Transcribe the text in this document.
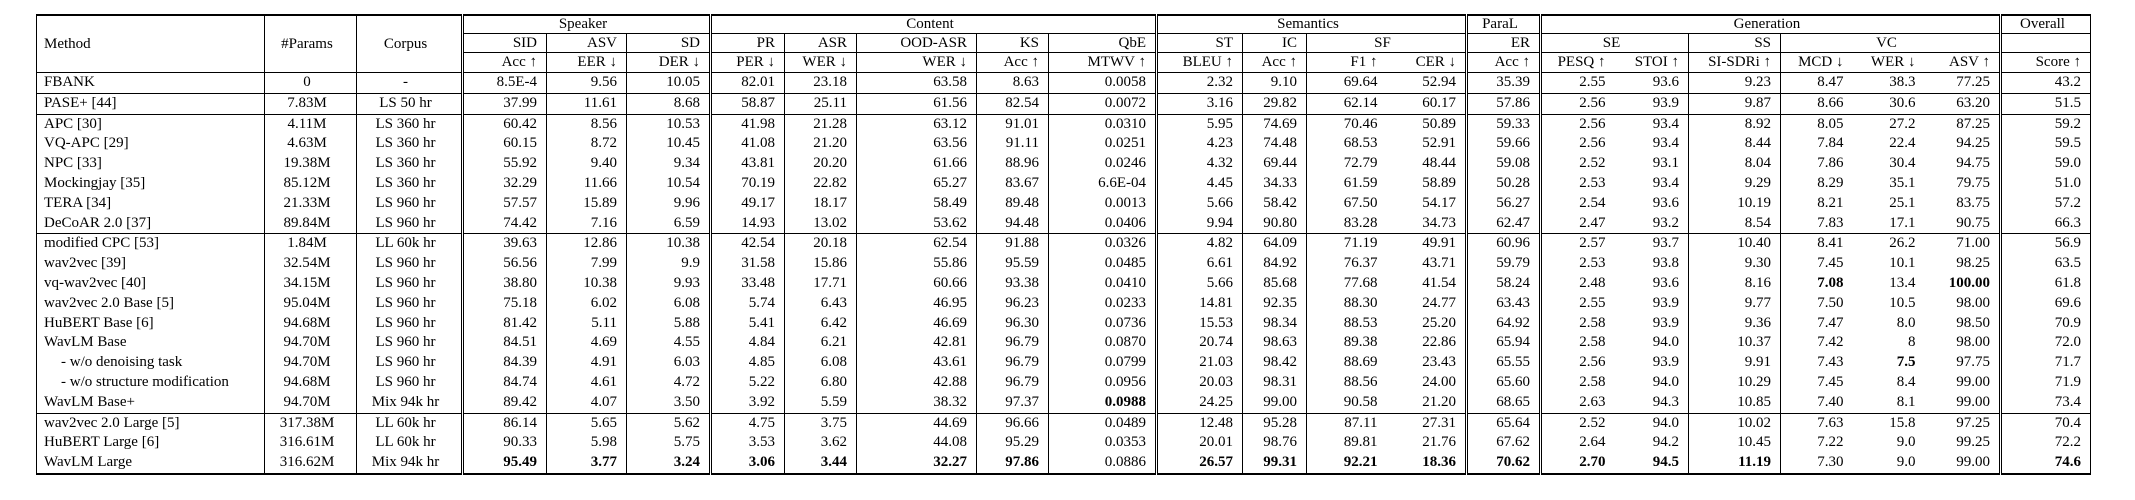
Method	#Params	Corpus	Speaker			Content					Semantics				ParaL	Generation						Overall
			SID	ASV	SD	PR	ASR	OOD-ASR	KS	QbE	ST	IC	SF		ER	SE		SS	VC			
			Acc ↑	EER ↓	DER ↓	PER ↓	WER ↓	WER ↓	Acc ↑	MTWV ↑	BLEU ↑	Acc ↑	F1 ↑	CER ↓	Acc ↑	PESQ ↑	STOI ↑	SI-SDRi ↑	MCD ↓	WER ↓	ASV ↑	Score ↑
FBANK	0	-	8.5E-4	9.56	10.05	82.01	23.18	63.58	8.63	0.0058	2.32	9.10	69.64	52.94	35.39	2.55	93.6	9.23	8.47	38.3	77.25	43.2
PASE+ [44]	7.83M	LS 50 hr	37.99	11.61	8.68	58.87	25.11	61.56	82.54	0.0072	3.16	29.82	62.14	60.17	57.86	2.56	93.9	9.87	8.66	30.6	63.20	51.5
APC [30]	4.11M	LS 360 hr	60.42	8.56	10.53	41.98	21.28	63.12	91.01	0.0310	5.95	74.69	70.46	50.89	59.33	2.56	93.4	8.92	8.05	27.2	87.25	59.2
VQ-APC [29]	4.63M	LS 360 hr	60.15	8.72	10.45	41.08	21.20	63.56	91.11	0.0251	4.23	74.48	68.53	52.91	59.66	2.56	93.4	8.44	7.84	22.4	94.25	59.5
NPC [33]	19.38M	LS 360 hr	55.92	9.40	9.34	43.81	20.20	61.66	88.96	0.0246	4.32	69.44	72.79	48.44	59.08	2.52	93.1	8.04	7.86	30.4	94.75	59.0
Mockingjay [35]	85.12M	LS 360 hr	32.29	11.66	10.54	70.19	22.82	65.27	83.67	6.6E-04	4.45	34.33	61.59	58.89	50.28	2.53	93.4	9.29	8.29	35.1	79.75	51.0
TERA [34]	21.33M	LS 960 hr	57.57	15.89	9.96	49.17	18.17	58.49	89.48	0.0013	5.66	58.42	67.50	54.17	56.27	2.54	93.6	10.19	8.21	25.1	83.75	57.2
DeCoAR 2.0 [37]	89.84M	LS 960 hr	74.42	7.16	6.59	14.93	13.02	53.62	94.48	0.0406	9.94	90.80	83.28	34.73	62.47	2.47	93.2	8.54	7.83	17.1	90.75	66.3
modified CPC [53]	1.84M	LL 60k hr	39.63	12.86	10.38	42.54	20.18	62.54	91.88	0.0326	4.82	64.09	71.19	49.91	60.96	2.57	93.7	10.40	8.41	26.2	71.00	56.9
wav2vec [39]	32.54M	LS 960 hr	56.56	7.99	9.9	31.58	15.86	55.86	95.59	0.0485	6.61	84.92	76.37	43.71	59.79	2.53	93.8	9.30	7.45	10.1	98.25	63.5
vq-wav2vec [40]	34.15M	LS 960 hr	38.80	10.38	9.93	33.48	17.71	60.66	93.38	0.0410	5.66	85.68	77.68	41.54	58.24	2.48	93.6	8.16	7.08	13.4	100.00	61.8
wav2vec 2.0 Base [5]	95.04M	LS 960 hr	75.18	6.02	6.08	5.74	6.43	46.95	96.23	0.0233	14.81	92.35	88.30	24.77	63.43	2.55	93.9	9.77	7.50	10.5	98.00	69.6
HuBERT Base [6]	94.68M	LS 960 hr	81.42	5.11	5.88	5.41	6.42	46.69	96.30	0.0736	15.53	98.34	88.53	25.20	64.92	2.58	93.9	9.36	7.47	8.0	98.50	70.9
WavLM Base	94.70M	LS 960 hr	84.51	4.69	4.55	4.84	6.21	42.81	96.79	0.0870	20.74	98.63	89.38	22.86	65.94	2.58	94.0	10.37	7.42	8	98.00	72.0
- w/o denoising task	94.70M	LS 960 hr	84.39	4.91	6.03	4.85	6.08	43.61	96.79	0.0799	21.03	98.42	88.69	23.43	65.55	2.56	93.9	9.91	7.43	7.5	97.75	71.7
- w/o structure modification	94.68M	LS 960 hr	84.74	4.61	4.72	5.22	6.80	42.88	96.79	0.0956	20.03	98.31	88.56	24.00	65.60	2.58	94.0	10.29	7.45	8.4	99.00	71.9
WavLM Base+	94.70M	Mix 94k hr	89.42	4.07	3.50	3.92	5.59	38.32	97.37	0.0988	24.25	99.00	90.58	21.20	68.65	2.63	94.3	10.85	7.40	8.1	99.00	73.4
wav2vec 2.0 Large [5]	317.38M	LL 60k hr	86.14	5.65	5.62	4.75	3.75	44.69	96.66	0.0489	12.48	95.28	87.11	27.31	65.64	2.52	94.0	10.02	7.63	15.8	97.25	70.4
HuBERT Large [6]	316.61M	LL 60k hr	90.33	5.98	5.75	3.53	3.62	44.08	95.29	0.0353	20.01	98.76	89.81	21.76	67.62	2.64	94.2	10.45	7.22	9.0	99.25	72.2
WavLM Large	316.62M	Mix 94k hr	95.49	3.77	3.24	3.06	3.44	32.27	97.86	0.0886	26.57	99.31	92.21	18.36	70.62	2.70	94.5	11.19	7.30	9.0	99.00	74.6
